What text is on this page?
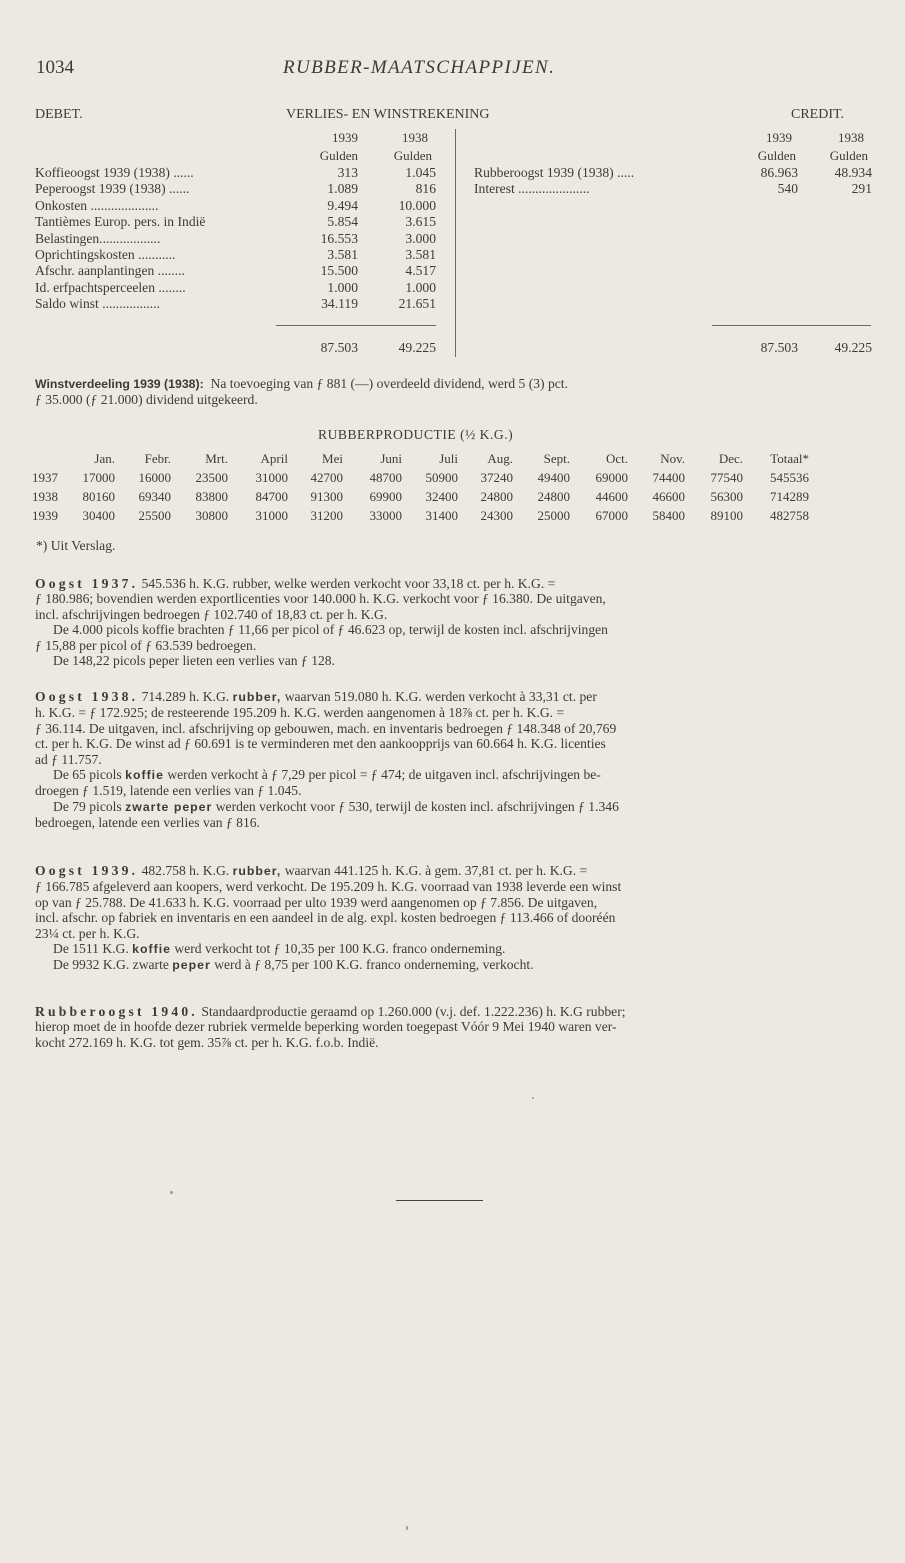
1034	RUBBER-MAATSCHAPPIJEN.
DEBET.	VERLIES- EN WINSTREKENING	CREDIT.
1939	1938
Gulden	Gulden
1939	1938
Gulden	Gulden
Koffieoogst 1939 (1938) ......	313	1.045
Peperoogst 1939 (1938) ......	1.089	816
Onkosten ....................	9.494	10.000
Tantièmes Europ. pers. in Indië	5.854	3.615
Belastingen..................	16.553	3.000
Oprichtingskosten ...........	3.581	3.581
Afschr. aanplantingen ........	15.500	4.517
Id. erfpachtsperceelen ........	1.000	1.000
Saldo winst .................	34.119	21.651
87.503	49.225
Rubberoogst 1939 (1938) .....	86.963	48.934
Interest .....................	540	291
87.503	49.225

Winstverdeeling 1939 (1938): Na toevoeging van ƒ 881 (—) overdeeld dividend, werd 5 (3) pct.

ƒ 35.000 (ƒ 21.000) dividend uitgekeerd.

RUBBERPRODUCTIE (½ K.G.)
	Jan.	Febr.	Mrt.	April	Mei	Juni	Juli	Aug.	Sept.	Oct.	Nov.	Dec.	Totaal*
1937	17000	16000	23500	31000	42700	48700	50900	37240	49400	69000	74400	77540	545536
1938	80160	69340	83800	84700	91300	69900	32400	24800	24800	44600	46600	56300	714289
1939	30400	25500	30800	31000	31200	33000	31400	24300	25000	67000	58400	89100	482758
*) Uit Verslag.

Oogst 1937. 545.536 h. K.G. rubber, welke werden verkocht voor 33,18 ct. per h. K.G. =

ƒ 180.986; bovendien werden exportlicenties voor 140.000 h. K.G. verkocht voor ƒ 16.380. De uitgaven,

incl. afschrijvingen bedroegen ƒ 102.740 of 18,83 ct. per h. K.G.

De 4.000 picols koffie brachten ƒ 11,66 per picol of ƒ 46.623 op, terwijl de kosten incl. afschrijvingen

ƒ 15,88 per picol of ƒ 63.539 bedroegen.

De 148,22 picols peper lieten een verlies van ƒ 128.

Oogst 1938. 714.289 h. K.G. rubber, waarvan 519.080 h. K.G. werden verkocht à 33,31 ct. per

h. K.G. = ƒ 172.925; de resteerende 195.209 h. K.G. werden aangenomen à 18⅞ ct. per h. K.G. =

ƒ 36.114. De uitgaven, incl. afschrijving op gebouwen, mach. en inventaris bedroegen ƒ 148.348 of 20,769

ct. per h. K.G. De winst ad ƒ 60.691 is te verminderen met den aankoopprijs van 60.664 h. K.G. licenties

ad ƒ 11.757.

De 65 picols koffie werden verkocht à ƒ 7,29 per picol = ƒ 474; de uitgaven incl. afschrijvingen be-

droegen ƒ 1.519, latende een verlies van ƒ 1.045.

De 79 picols zwarte peper werden verkocht voor ƒ 530, terwijl de kosten incl. afschrijvingen ƒ 1.346

bedroegen, latende een verlies van ƒ 816.

Oogst 1939. 482.758 h. K.G. rubber, waarvan 441.125 h. K.G. à gem. 37,81 ct. per h. K.G. =

ƒ 166.785 afgeleverd aan koopers, werd verkocht. De 195.209 h. K.G. voorraad van 1938 leverde een winst

op van ƒ 25.788. De 41.633 h. K.G. voorraad per ulto 1939 werd aangenomen op ƒ 7.856. De uitgaven,

incl. afschr. op fabriek en inventaris en een aandeel in de alg. expl. kosten bedroegen ƒ 113.466 of dooréén

23¼ ct. per h. K.G.

De 1511 K.G. koffie werd verkocht tot ƒ 10,35 per 100 K.G. franco onderneming.

De 9932 K.G. zwarte peper werd à ƒ 8,75 per 100 K.G. franco onderneming, verkocht.

Rubberoogst 1940. Standaardproductie geraamd op 1.260.000 (v.j. def. 1.222.236) h. K.G rubber;

hierop moet de in hoofde dezer rubriek vermelde beperking worden toegepast Vóór 9 Mei 1940 waren ver-

kocht 272.169 h. K.G. tot gem. 35⅞ ct. per h. K.G. f.o.b. Indië.
